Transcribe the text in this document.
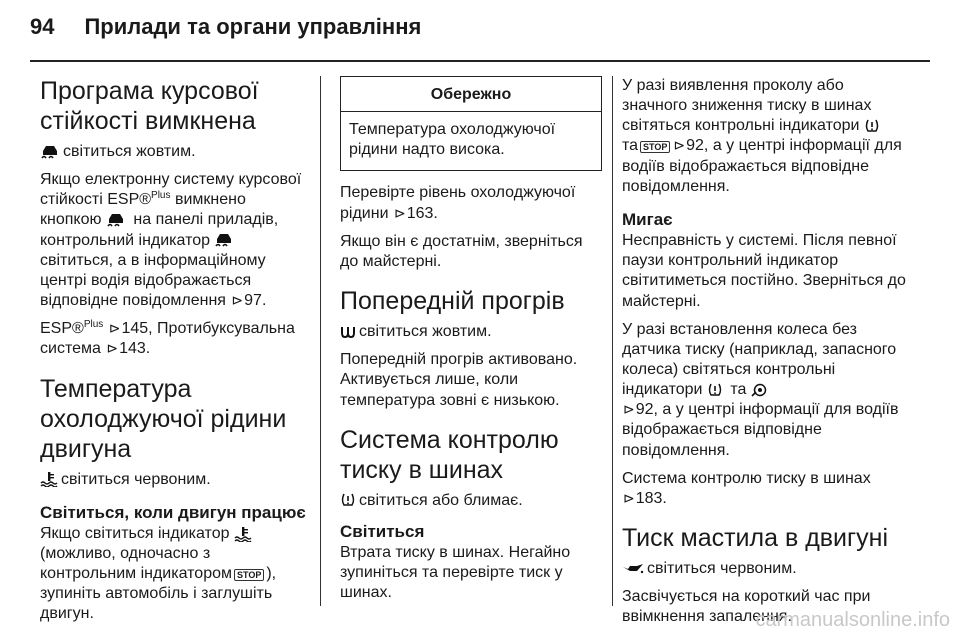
94 Прилади та органи управління
Програма курсової стійкості вимкнена

світиться жовтим.

Якщо електронну систему курсової стійкості ESP®$^{Plus}$ вимкнено кнопкою на панелі приладів, контрольний індикатор
світиться, а в інформаційному центрі водія відображається відповідне повідомлення ⊳97.

ESP®$^{Plus}$ ⊳145, Протибуксувальна система ⊳143.

Температура охолоджуючої рідини двигуна

світиться червоним.

Світиться, коли двигун працює

Якщо світиться індикатор
(можливо, одночасно з контрольним індикатором STOP ), зупиніть автомобіль і заглушіть двигун.

Обережно
Температура охолоджуючої рідини надто висока.

Перевірте рівень охолоджуючої рідини ⊳163.

Якщо він є достатнім, зверніться до майстерні.

Попередній прогрів

світиться жовтим.

Попередній прогрів активовано. Активується лише, коли температура зовні є низькою.

Система контролю тиску в шинах

світиться або блимає.

Світиться

Втрата тиску в шинах. Негайно зупиніться та перевірте тиск у шинах.

У разі виявлення проколу або значного зниження тиску в шинах світяться контрольні індикатори
та STOP ⊳92, а у центрі інформації для водіїв відображається відповідне повідомлення.

Мигає

Несправність у системі. Після певної паузи контрольний індикатор світитиметься постійно. Зверніться до майстерні.

У разі встановлення колеса без датчика тиску (наприклад, запасного колеса) світяться контрольні індикатори та

⊳92, а у центрі інформації для водіїв відображається відповідне повідомлення.

Система контролю тиску в шинах
⊳183.

Тиск мастила в двигуні

світиться червоним.

Засвічується на короткий час при ввімкнення запалення.

carmanualsonline.info
